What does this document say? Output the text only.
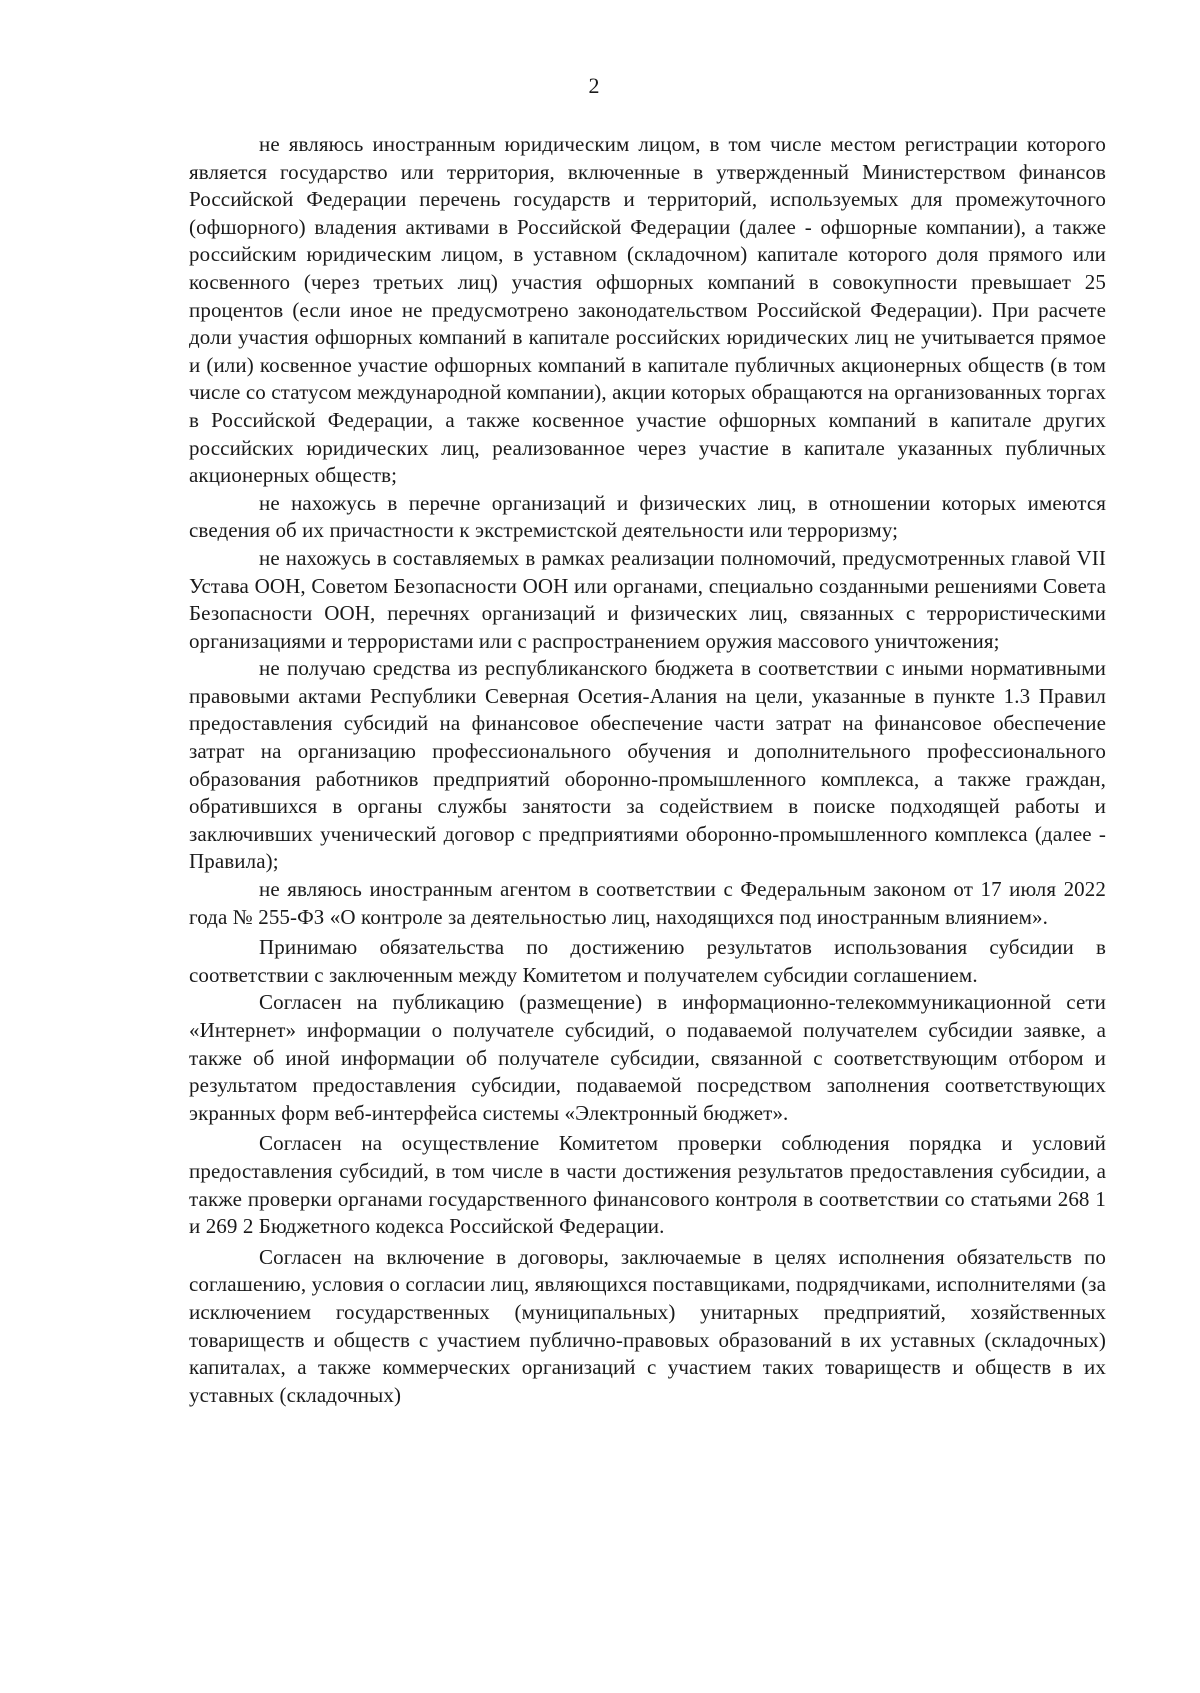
2

не являюсь иностранным юридическим лицом, в том числе местом регистрации которого является государство или территория, включенные в утвержденный Министерством финансов Российской Федерации перечень государств и территорий, используемых для промежуточного (офшорного) владения активами в Российской Федерации (далее - офшорные компании), а также российским юридическим лицом, в уставном (складочном) капитале которого доля прямого или косвенного (через третьих лиц) участия офшорных компаний в совокупности превышает 25 процентов (если иное не предусмотрено законодательством Российской Федерации). При расчете доли участия офшорных компаний в капитале российских юридических лиц не учитывается прямое и (или) косвенное участие офшорных компаний в капитале публичных акционерных обществ (в том числе со статусом международной компании), акции которых обращаются на организованных торгах в Российской Федерации, а также косвенное участие офшорных компаний в капитале других российских юридических лиц, реализованное через участие в капитале указанных публичных акционерных обществ;

не нахожусь в перечне организаций и физических лиц, в отношении которых имеются сведения об их причастности к экстремистской деятельности или терроризму;

не нахожусь в составляемых в рамках реализации полномочий, предусмотренных главой VII Устава ООН, Советом Безопасности ООН или органами, специально созданными решениями Совета Безопасности ООН, перечнях организаций и физических лиц, связанных с террористическими организациями и террористами или с распространением оружия массового уничтожения;

не получаю средства из республиканского бюджета в соответствии с иными нормативными правовыми актами Республики Северная Осетия-Алания на цели, указанные в пункте 1.3 Правил предоставления субсидий на финансовое обеспечение части затрат на финансовое обеспечение затрат на организацию профессионального обучения и дополнительного профессионального образования работников предприятий оборонно-промышленного комплекса, а также граждан, обратившихся в органы службы занятости за содействием в поиске подходящей работы и заключивших ученический договор с предприятиями оборонно-промышленного комплекса (далее - Правила);

не являюсь иностранным агентом в соответствии с Федеральным законом от 17 июля 2022 года № 255-ФЗ «О контроле за деятельностью лиц, находящихся под иностранным влиянием».

Принимаю обязательства по достижению результатов использования субсидии в соответствии с заключенным между Комитетом и получателем субсидии соглашением.

Согласен на публикацию (размещение) в информационно-телекоммуникационной сети «Интернет» информации о получателе субсидий, о подаваемой получателем субсидии заявке, а также об иной информации об получателе субсидии, связанной с соответствующим отбором и результатом предоставления субсидии, подаваемой посредством заполнения соответствующих экранных форм веб-интерфейса системы «Электронный бюджет».

Согласен на осуществление Комитетом проверки соблюдения порядка и условий предоставления субсидий, в том числе в части достижения результатов предоставления субсидии, а также проверки органами государственного финансового контроля в соответствии со статьями 268 1 и 269 2 Бюджетного кодекса Российской Федерации.

Согласен на включение в договоры, заключаемые в целях исполнения обязательств по соглашению, условия о согласии лиц, являющихся поставщиками, подрядчиками, исполнителями (за исключением государственных (муниципальных) унитарных предприятий, хозяйственных товариществ и обществ с участием публично-правовых образований в их уставных (складочных) капиталах, а также коммерческих организаций с участием таких товариществ и обществ в их уставных (складочных)
